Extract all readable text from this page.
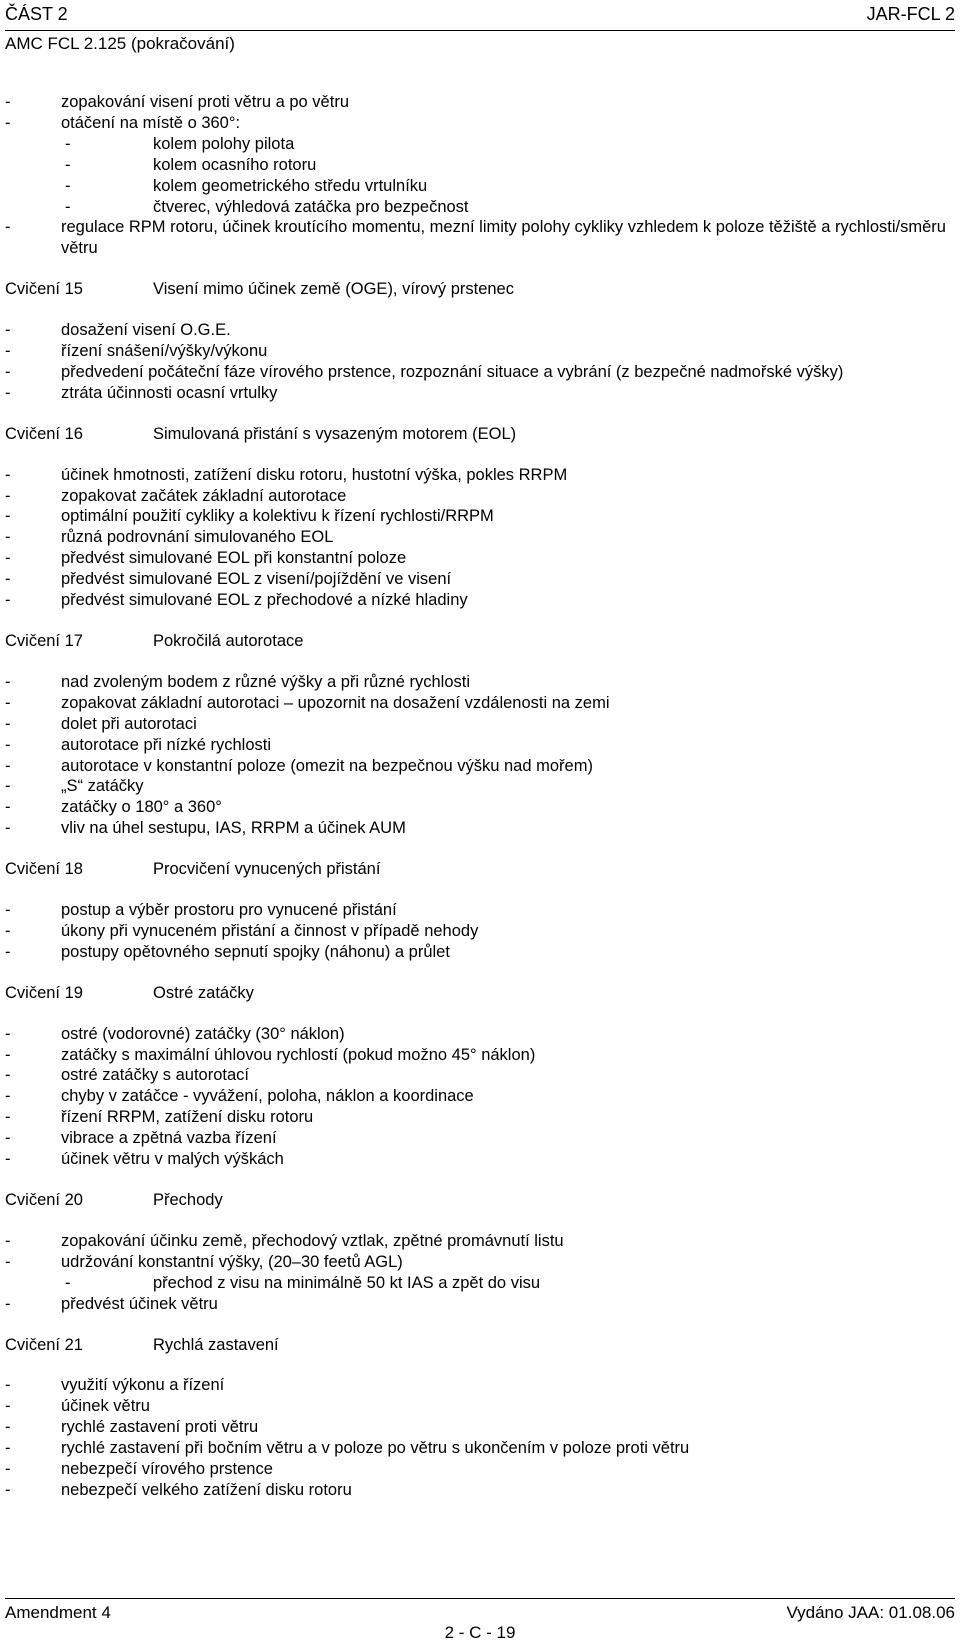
ČÁST 2	JAR-FCL 2
AMC FCL 2.125 (pokračování)
-	zopakování visení proti větru a po větru
-	otáčení na místě o 360°:
-	kolem polohy pilota
-	kolem ocasního rotoru
-	kolem geometrického středu vrtulníku
-	čtverec, výhledová zatáčka pro bezpečnost
-	regulace RPM rotoru, účinek kroutícího momentu, mezní limity polohy cykliky vzhledem k poloze těžiště a rychlosti/směru větru
Cvičení 15	Visení mimo účinek země (OGE), vírový prstenec
-	dosažení visení O.G.E.
-	řízení snášení/výšky/výkonu
-	předvedení počáteční fáze vírového prstence, rozpoznání situace a vybrání (z bezpečné nadmořské výšky)
-	ztráta účinnosti ocasní vrtulky
Cvičení 16	Simulovaná přistání s vysazeným motorem (EOL)
-	účinek hmotnosti, zatížení disku rotoru, hustotní výška, pokles RRPM
-	zopakovat začátek základní autorotace
-	optimální použití cykliky a kolektivu k řízení rychlosti/RRPM
-	různá podrovnání simulovaného EOL
-	předvést simulované EOL při konstantní poloze
-	předvést simulované EOL z visení/pojíždění ve visení
-	předvést simulované EOL z přechodové a nízké hladiny
Cvičení 17	Pokročilá autorotace
-	nad zvoleným bodem z různé výšky a při různé rychlosti
-	zopakovat základní autorotaci – upozornit na dosažení vzdálenosti na zemi
-	dolet při autorotaci
-	autorotace při nízké rychlosti
-	autorotace v konstantní poloze (omezit na bezpečnou výšku nad mořem)
-	„S“ zatáčky
-	zatáčky o 180° a 360°
-	vliv na úhel sestupu, IAS, RRPM a účinek AUM
Cvičení 18	Procvičení vynucených přistání
-	postup a výběr prostoru pro vynucené přistání
-	úkony při vynuceném přistání a činnost v případě nehody
-	postupy opětovného sepnutí spojky (náhonu) a průlet
Cvičení 19	Ostré zatáčky
-	ostré (vodorovné) zatáčky (30° náklon)
-	zatáčky s maximální úhlovou rychlostí (pokud možno 45° náklon)
-	ostré zatáčky s autorotací
-	chyby v zatáčce - vyvážení, poloha, náklon a koordinace
-	řízení RRPM, zatížení disku rotoru
-	vibrace a zpětná vazba řízení
-	účinek větru v malých výškách
Cvičení 20	Přechody
-	zopakování účinku země, přechodový vztlak, zpětné promávnutí listu
-	udržování konstantní výšky, (20–30 feetů AGL)
-	přechod z visu na minimálně 50 kt IAS a zpět do visu
-	předvést účinek větru
Cvičení 21	Rychlá zastavení
-	využití výkonu a řízení
-	účinek větru
-	rychlé zastavení proti větru
-	rychlé zastavení při bočním větru a v poloze po větru s ukončením v poloze proti větru
-	nebezpečí vírového prstence
-	nebezpečí velkého zatížení disku rotoru
Amendment 4	Vydáno JAA: 01.08.06
2 - C - 19
